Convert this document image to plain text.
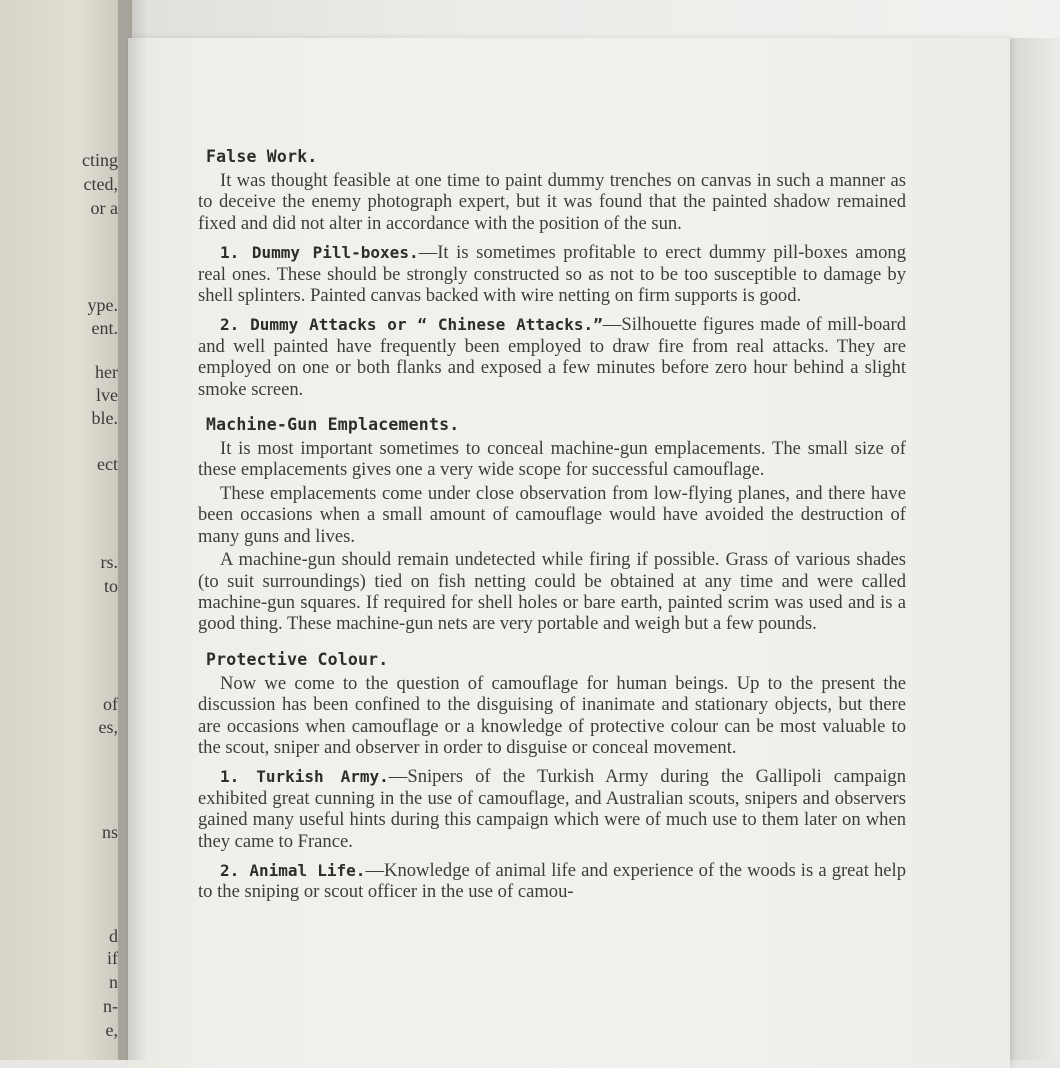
cting
cted,
or a
ype.
ent.
her
lve
ble.
ect
rs.
to
of
es,
ns
d
if
n
n-
e,
False Work.

It was thought feasible at one time to paint dummy trenches on canvas in such a manner as to deceive the enemy photograph expert, but it was found that the painted shadow remained fixed and did not alter in accordance with the position of the sun.

1. Dummy Pill-boxes.—It is sometimes profitable to erect dummy pill-boxes among real ones. These should be strongly constructed so as not to be too susceptible to damage by shell splinters. Painted canvas backed with wire netting on firm supports is good.

2. Dummy Attacks or “ Chinese Attacks.”—Silhouette figures made of mill-board and well painted have frequently been employed to draw fire from real attacks. They are employed on one or both flanks and exposed a few minutes before zero hour behind a slight smoke screen.

Machine-Gun Emplacements.

It is most important sometimes to conceal machine-gun emplacements. The small size of these emplacements gives one a very wide scope for successful camouflage.

These emplacements come under close observation from low-flying planes, and there have been occasions when a small amount of camouflage would have avoided the destruction of many guns and lives.

A machine-gun should remain undetected while firing if possible. Grass of various shades (to suit surroundings) tied on fish netting could be obtained at any time and were called machine-gun squares. If required for shell holes or bare earth, painted scrim was used and is a good thing. These machine-gun nets are very portable and weigh but a few pounds.

Protective Colour.

Now we come to the question of camouflage for human beings. Up to the present the discussion has been confined to the disguising of inanimate and stationary objects, but there are occasions when camouflage or a knowledge of protective colour can be most valuable to the scout, sniper and observer in order to disguise or conceal movement.

1. Turkish Army.—Snipers of the Turkish Army during the Gallipoli campaign exhibited great cunning in the use of camouflage, and Australian scouts, snipers and observers gained many useful hints during this campaign which were of much use to them later on when they came to France.

2. Animal Life.—Knowledge of animal life and experience of the woods is a great help to the sniping or scout officer in the use of camou-
